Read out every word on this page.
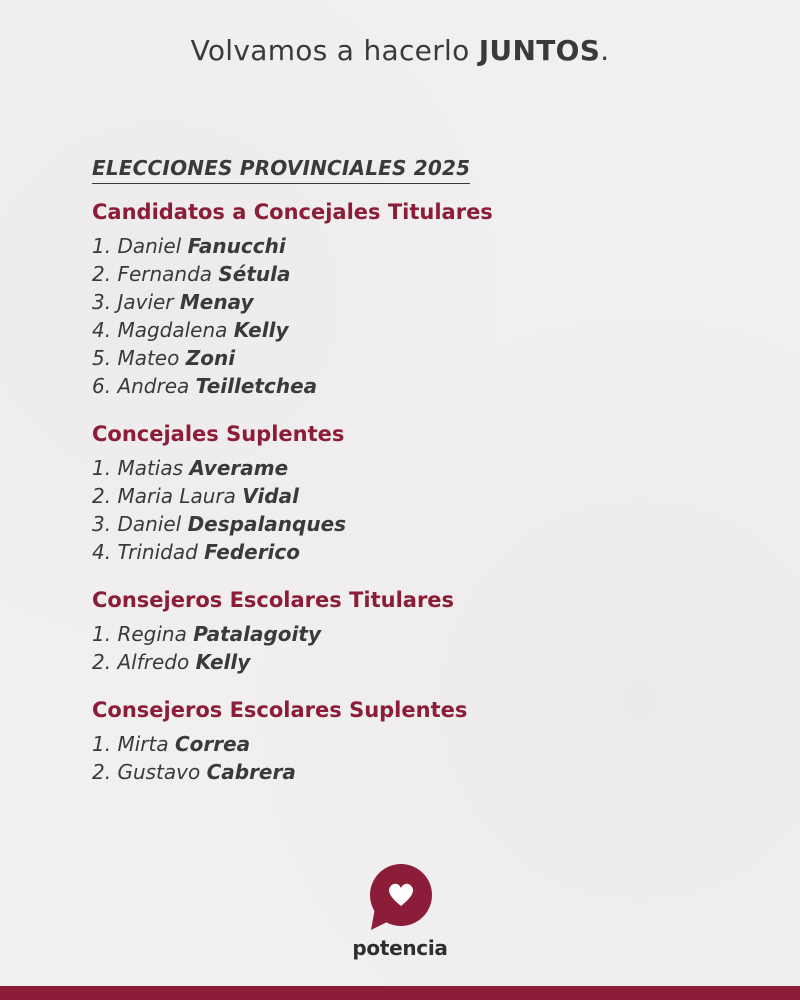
Volvamos a hacerlo JUNTOS.
ELECCIONES PROVINCIALES 2025
Candidatos a Concejales Titulares
1. Daniel Fanucchi
2. Fernanda Sétula
3. Javier Menay
4. Magdalena Kelly
5. Mateo Zoni
6. Andrea Teilletchea
Concejales Suplentes
1. Matias Averame
2. Maria Laura Vidal
3. Daniel Despalanques
4. Trinidad Federico
Consejeros Escolares Titulares
1. Regina Patalagoity
2. Alfredo Kelly
Consejeros Escolares Suplentes
1. Mirta Correa
2. Gustavo Cabrera
potencia
